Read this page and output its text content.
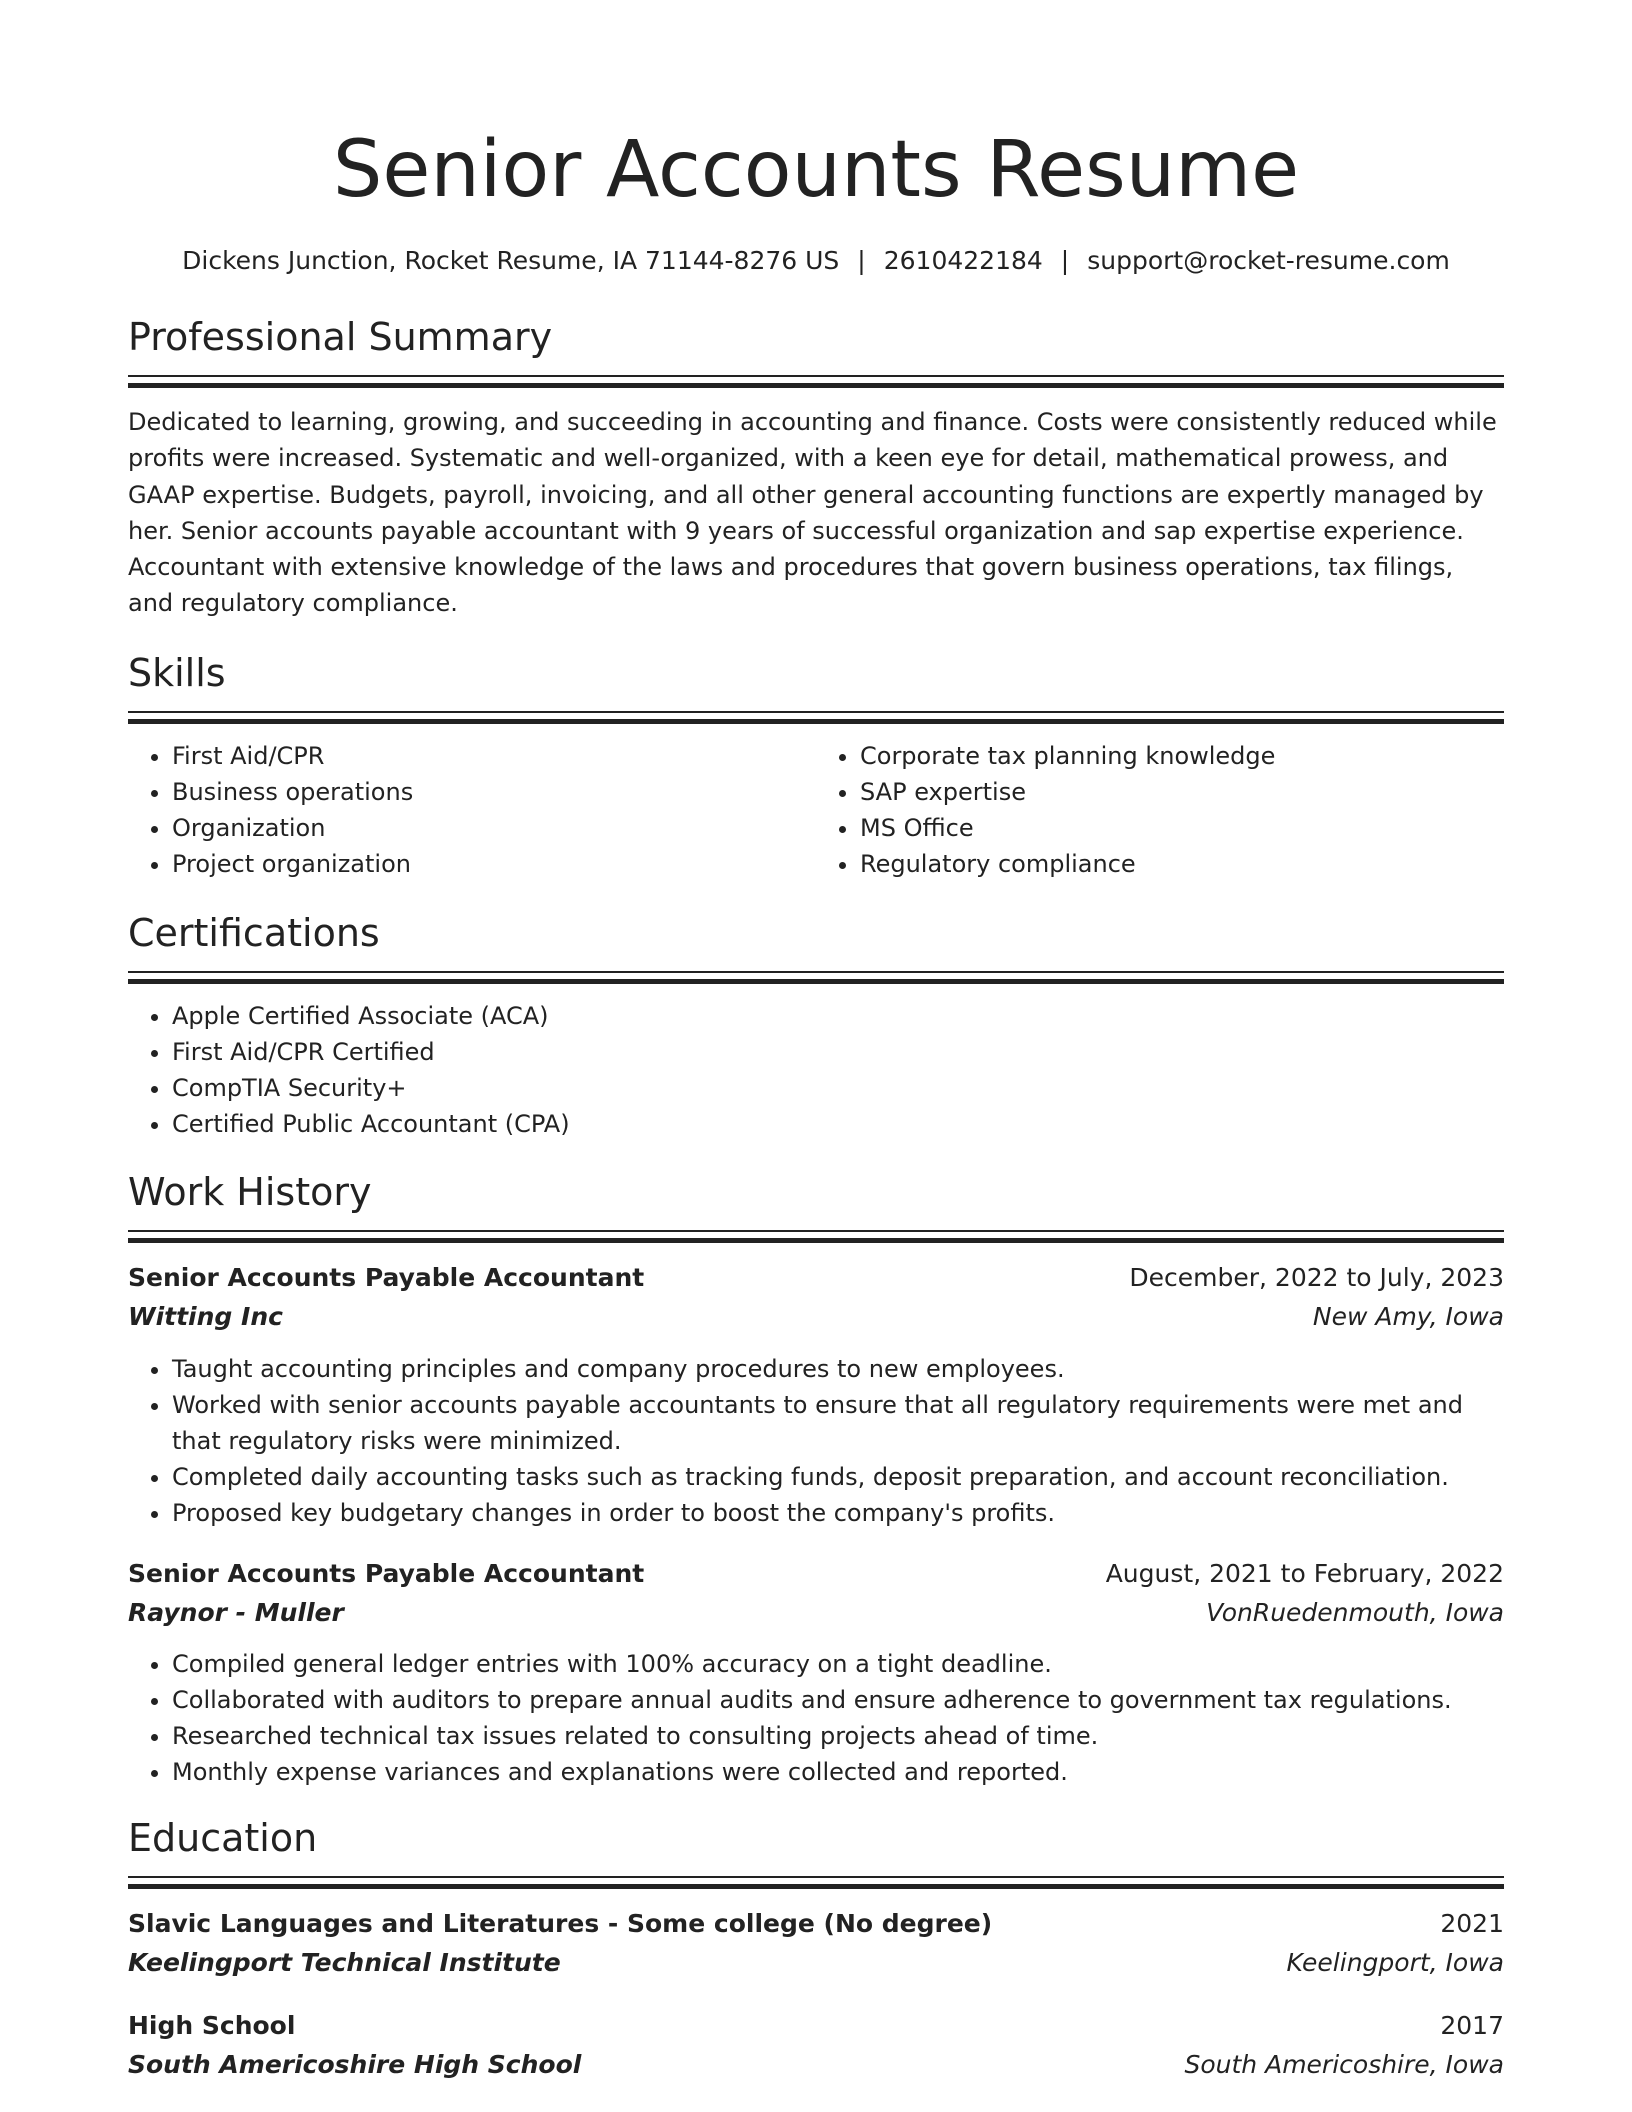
Senior Accounts Resume
Dickens Junction, Rocket Resume, IA 71144-8276 US | 2610422184 | support@rocket-resume.com
Professional Summary
Dedicated to learning, growing, and succeeding in accounting and finance. Costs were consistently reduced while profits were increased. Systematic and well-organized, with a keen eye for detail, mathematical prowess, and GAAP expertise. Budgets, payroll, invoicing, and all other general accounting functions are expertly managed by her. Senior accounts payable accountant with 9 years of successful organization and sap expertise experience. Accountant with extensive knowledge of the laws and procedures that govern business operations, tax filings, and regulatory compliance.
Skills
• First Aid/CPR
• Business operations
• Organization
• Project organization
• Corporate tax planning knowledge
• SAP expertise
• MS Office
• Regulatory compliance
Certifications
• Apple Certified Associate (ACA)
• First Aid/CPR Certified
• CompTIA Security+
• Certified Public Accountant (CPA)
Work History
Senior Accounts Payable Accountant	December, 2022 to July, 2023
Witting Inc	New Amy, Iowa
• Taught accounting principles and company procedures to new employees.
• Worked with senior accounts payable accountants to ensure that all regulatory requirements were met and that regulatory risks were minimized.
• Completed daily accounting tasks such as tracking funds, deposit preparation, and account reconciliation.
• Proposed key budgetary changes in order to boost the company's profits.
Senior Accounts Payable Accountant	August, 2021 to February, 2022
Raynor - Muller	VonRuedenmouth, Iowa
• Compiled general ledger entries with 100% accuracy on a tight deadline.
• Collaborated with auditors to prepare annual audits and ensure adherence to government tax regulations.
• Researched technical tax issues related to consulting projects ahead of time.
• Monthly expense variances and explanations were collected and reported.
Education
Slavic Languages and Literatures - Some college (No degree)	2021
Keelingport Technical Institute	Keelingport, Iowa
High School	2017
South Americoshire High School	South Americoshire, Iowa
